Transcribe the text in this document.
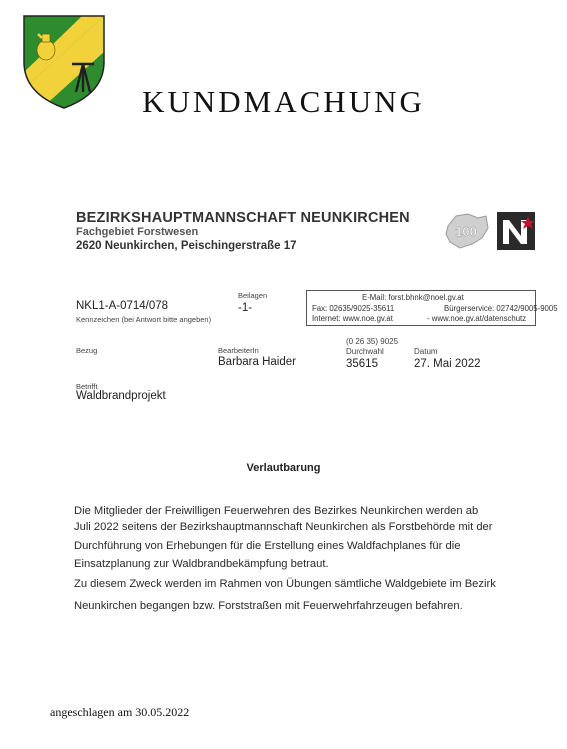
KUNDMACHUNG
BEZIRKSHAUPTMANNSCHAFT NEUNKIRCHEN
Fachgebiet Forstwesen
2620 Neunkirchen, Peischingerstraße 17
100
NKL1-A-0714/078
Kennzeichen (bei Antwort bitte angeben)
Beilagen
-1-
E-Mail: forst.bhnk@noel.gv.at
Fax: 02635/9025-35611	Bürgerservice: 02742/9005-9005
Internet: www.noe.gv.at	- www.noe.gv.at/datenschutz
Bezug	BearbeiterIn
Barbara Haider
(0 26 35) 9025
Durchwahl
35615
Datum
27. Mai 2022
Betrifft
Waldbrandprojekt
Verlautbarung
Die Mitglieder der Freiwilligen Feuerwehren des Bezirkes Neunkirchen werden ab
Juli 2022 seitens der Bezirkshauptmannschaft Neunkirchen als Forstbehörde mit der
Durchführung von Erhebungen für die Erstellung eines Waldfachplanes für die
Einsatzplanung zur Waldbrandbekämpfung betraut.
Zu diesem Zweck werden im Rahmen von Übungen sämtliche Waldgebiete im Bezirk
Neunkirchen begangen bzw. Forststraßen mit Feuerwehrfahrzeugen befahren.
angeschlagen am 30.05.2022
